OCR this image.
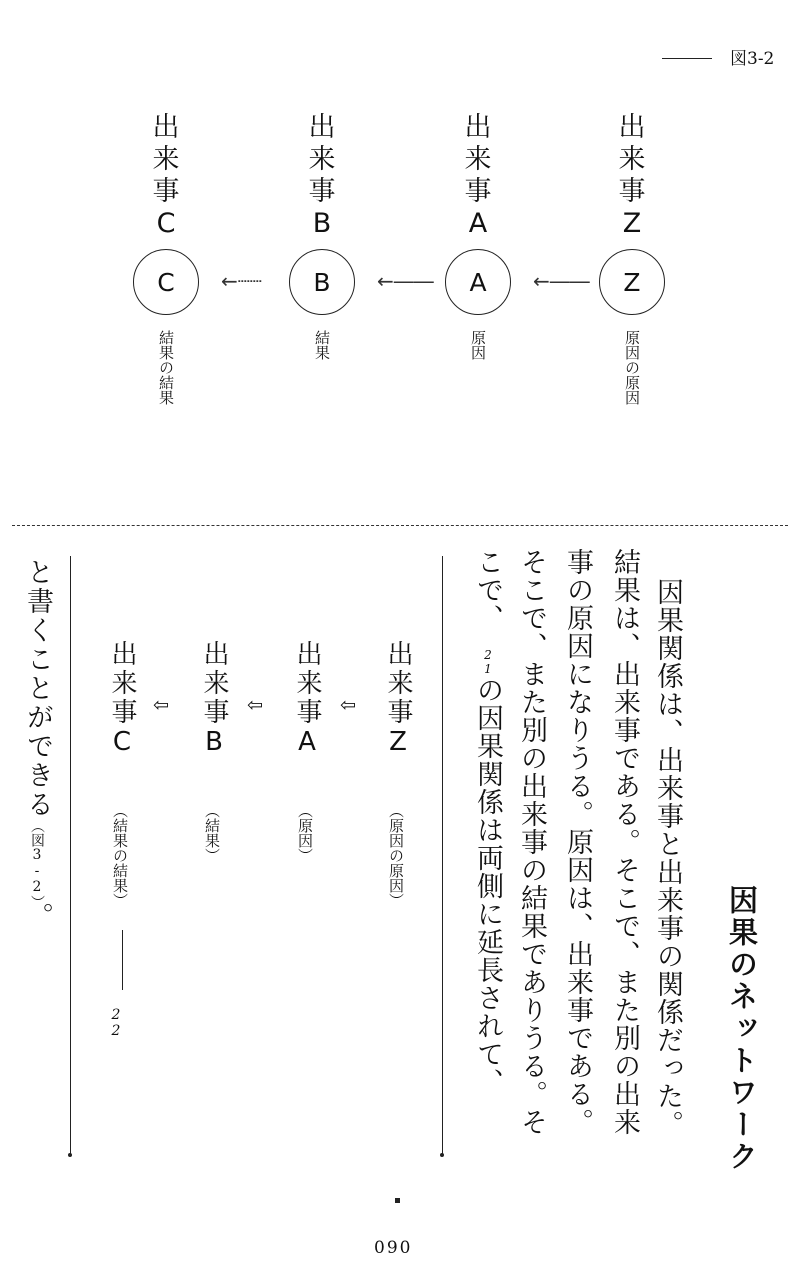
図3-2
出
来
事
Z
Z
原因の原因
出
来
事
A
A
原因
出
来
事
B
B
結果
出
来
事
C
C
結果の結果
←――
←――
←┈┈
因果のネットワーク
因果関係は、出来事と出来事の関係だった。
結果は、出来事である。そこで、また別の出来
事の原因になりうる。原因は、出来事である。
そこで、また別の出来事の結果でありうる。そ
こで、
21
の因果関係は両側に延長されて、
出来事Z
（原因の原因）
⇦
出来事A
（原因）
⇦
出来事B
（結果）
⇦
出来事C
（結果の結果）
22
と書くことができる（図3-2）。
090
